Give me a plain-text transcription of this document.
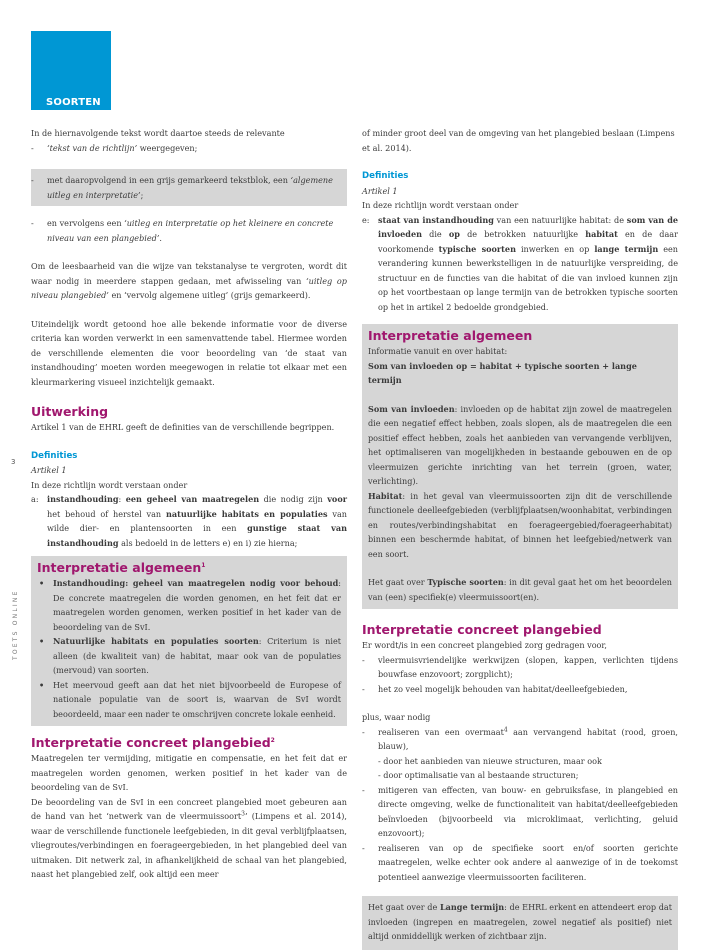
SOORTEN
TOETS ONLINE
3

In de hiernavolgende tekst wordt daartoe steeds de relevante

- ‘tekst van de richtlijn’ weergegeven;

- met daaropvolgend in een grijs gemarkeerd tekstblok, een ‘algemene uitleg en interpretatie’;

- en vervolgens een ‘uitleg en interpretatie op het kleinere en concrete niveau van een plangebied’.

Om de leesbaarheid van die wijze van tekstanalyse te vergroten, wordt dit waar nodig in meerdere stappen gedaan, met afwisseling van ‘uitleg op niveau plangebied’ en ‘vervolg algemene uitleg’ (grijs gemarkeerd).

Uiteindelijk wordt getoond hoe alle bekende informatie voor de diverse criteria kan worden verwerkt in een samenvattende tabel. Hiermee worden de verschillende elementen die voor beoordeling van ‘de staat van instandhouding’ moeten worden meegewogen in relatie tot elkaar met een kleurmarkering visueel inzichtelijk gemaakt.

Uitwerking

Artikel 1 van de EHRL geeft de definities van de verschillende begrippen.

Definities

Artikel 1

In deze richtlijn wordt verstaan onder

a: instandhouding: een geheel van maatregelen die nodig zijn voor het behoud of herstel van natuurlijke habitats en populaties van wilde dier- en plantensoorten in een gunstige staat van instandhouding als bedoeld in de letters e) en i) zie hierna;

Interpretatie algemeen$^1$

• Instandhouding: geheel van maatregelen nodig voor behoud: De concrete maatregelen die worden genomen, en het feit dat er maatregelen worden genomen, werken positief in het kader van de beoordeling van de SvI.

• Natuurlijke habitats en populaties soorten: Criterium is niet alleen (de kwaliteit van) de habitat, maar ook van de populaties (mervoud) van soorten.

• Het meervoud geeft aan dat het niet bijvoorbeeld de Europese of nationale populatie van de soort is, waarvan de SvI wordt beoordeeld, maar een nader te omschrijven concrete lokale eenheid.

Interpretatie concreet plangebied$^2$

Maatregelen ter vermijding, mitigatie en compensatie, en het feit dat er maatregelen worden genomen, werken positief in het kader van de beoordeling van de SvI.

De beoordeling van de SvI in een concreet plangebied moet gebeuren aan de hand van het ‘netwerk van de vleermuissoort$^3$’ (Limpens et al. 2014), waar de verschillende functionele leefgebieden, in dit geval verblijfplaatsen, vliegroutes/verbindingen en foerageergebieden, in het plangebied deel van uitmaken. Dit netwerk zal, in afhankelijkheid de schaal van het plangebied, naast het plangebied zelf, ook altijd een meer

of minder groot deel van de omgeving van het plangebied beslaan (Limpens et al. 2014).

Definities

Artikel 1

In deze richtlijn wordt verstaan onder

e: staat van instandhouding van een natuurlijke habitat: de som van de invloeden die op de betrokken natuurlijke habitat en de daar voorkomende typische soorten inwerken en op lange termijn een verandering kunnen bewerkstelligen in de natuurlijke verspreiding, de structuur en de functies van die habitat of die van invloed kunnen zijn op het voortbestaan op lange termijn van de betrokken typische soorten op het in artikel 2 bedoelde grondgebied.

Interpretatie algemeen

Informatie vanuit en over habitat:

Som van invloeden op = habitat + typische soorten + lange termijn

Som van invloeden: invloeden op de habitat zijn zowel de maatregelen die een negatief effect hebben, zoals slopen, als de maatregelen die een positief effect hebben, zoals het aanbieden van vervangende verblijven, het optimaliseren van mogelijkheden in bestaande gebouwen en de op vleermuizen gerichte inrichting van het terrein (groen, water, verlichting).

Habitat: in het geval van vleermuissoorten zijn dit de verschillende functionele deelleefgebieden (verblijfplaatsen/woonhabitat, verbindingen en routes/verbindingshabitat en foerageergebied/foerageerhabitat) binnen een beschermde habitat, of binnen het leefgebied/netwerk van een soort.

Het gaat over Typische soorten: in dit geval gaat het om het beoordelen van (een) specifiek(e) vleermuissoort(en).

Interpretatie concreet plangebied

Er wordt/is in een concreet plangebied zorg gedragen voor,

- vleermuisvriendelijke werkwijzen (slopen, kappen, verlichten tijdens bouwfase enzovoort; zorgplicht);

- het zo veel mogelijk behouden van habitat/deelleefgebieden,

plus, waar nodig

- realiseren van een overmaat$^4$ aan vervangend habitat (rood, groen, blauw),

- door het aanbieden van nieuwe structuren, maar ook

- door optimalisatie van al bestaande structuren;

- mitigeren van effecten, van bouw- en gebruiksfase, in plangebied en directe omgeving, welke de functionaliteit van habitat/deelleefgebieden beïnvloeden (bijvoorbeeld via microklimaat, verlichting, geluid enzovoort);

- realiseren van op de specifieke soort en/of soorten gerichte maatregelen, welke echter ook andere al aanwezige of in de toekomst potentieel aanwezige vleermuissoorten faciliteren.

Het gaat over de Lange termijn: de EHRL erkent en attendeert erop dat invloeden (ingrepen en maatregelen, zowel negatief als positief) niet altijd onmiddellijk werken of zichtbaar zijn.
